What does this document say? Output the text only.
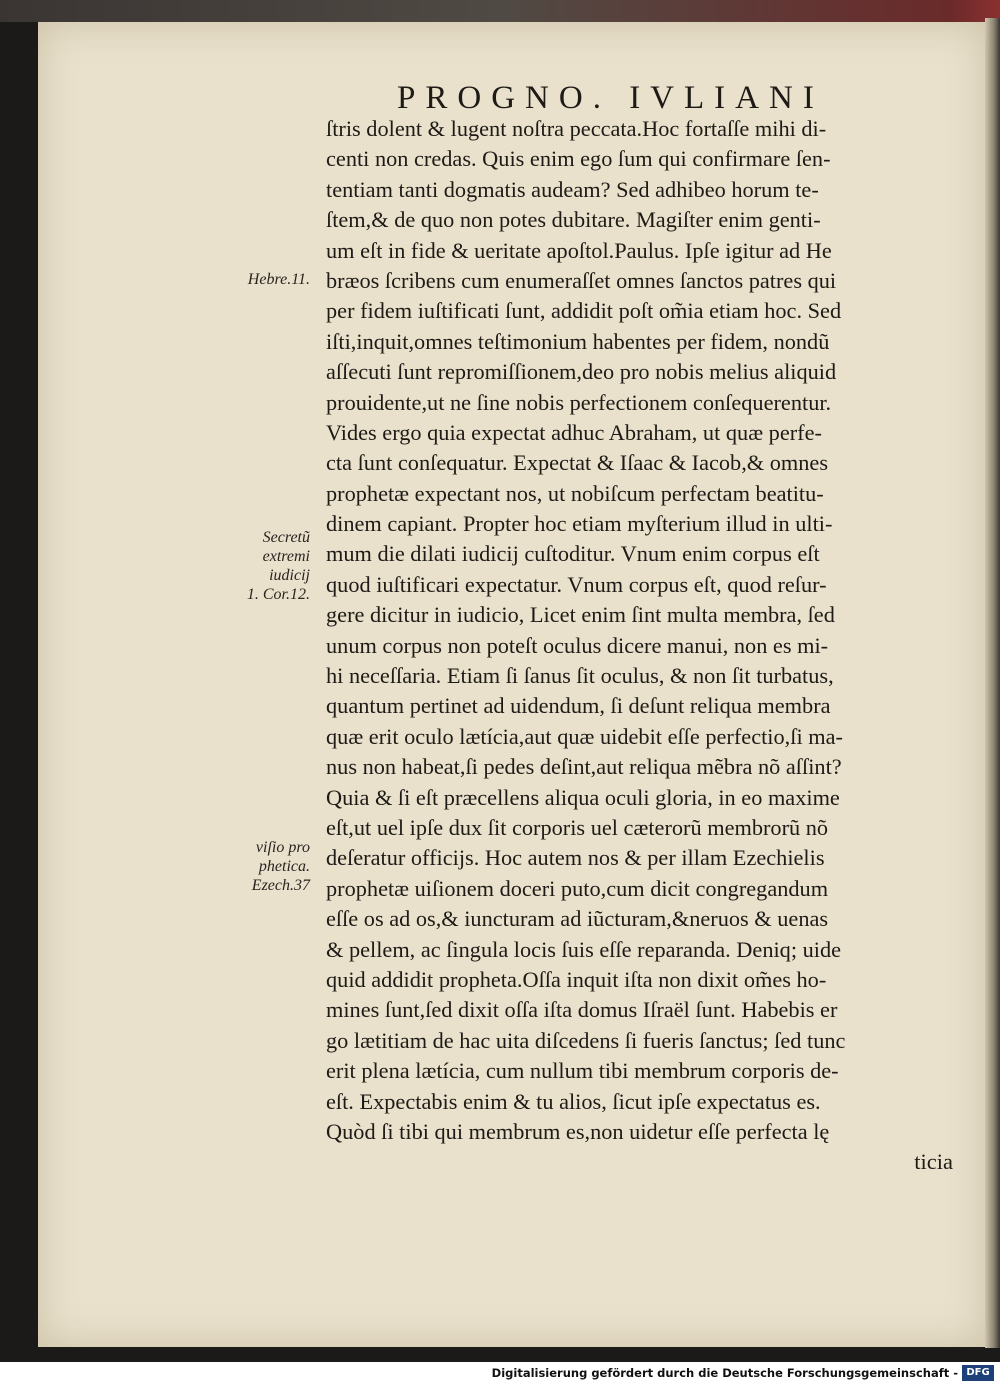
PROGNO. IVLIANI
ſtris dolent & lugent noſtra peccata.Hoc fortaſſe mihi di-
centi non credas. Quis enim ego ſum qui confirmare ſen-
tentiam tanti dogmatis audeam? Sed adhibeo horum te-
ſtem,& de quo non potes dubitare. Magiſter enim genti-
um eſt in fide & ueritate apoſtol.Paulus. Ipſe igitur ad He
bræos ſcribens cum enumeraſſet omnes ſanctos patres qui
per fidem iuſtificati ſunt, addidit poſt om̃ia etiam hoc. Sed
iſti,inquit,omnes teſtimonium habentes per fidem, nondũ
aſſecuti ſunt repromiſſionem,deo pro nobis melius aliquid
prouidente,ut ne ſine nobis perfectionem conſequerentur.
Vides ergo quia expectat adhuc Abraham, ut quæ perfe-
cta ſunt conſequatur. Expectat & Iſaac & Iacob,& omnes
prophetæ expectant nos, ut nobiſcum perfectam beatitu-
dinem capiant. Propter hoc etiam myſterium illud in ulti-
mum die dilati iudicij cuſtoditur. Vnum enim corpus eſt
quod iuſtificari expectatur. Vnum corpus eſt, quod reſur-
gere dicitur in iudicio, Licet enim ſint multa membra, ſed
unum corpus non poteſt oculus dicere manui, non es mi-
hi neceſſaria. Etiam ſi ſanus ſit oculus, & non ſit turbatus,
quantum pertinet ad uidendum, ſi deſunt reliqua membra
quæ erit oculo lætícia,aut quæ uidebit eſſe perfectio,ſi ma-
nus non habeat,ſi pedes deſint,aut reliqua mẽbra nõ aſſint?
Quia & ſi eſt præcellens aliqua oculi gloria, in eo maxime
eſt,ut uel ipſe dux ſit corporis uel cæterorũ membrorũ nõ
deſeratur officijs. Hoc autem nos & per illam Ezechielis
prophetæ uiſionem doceri puto,cum dicit congregandum
eſſe os ad os,& iuncturam ad iũcturam,&neruos & uenas
& pellem, ac ſingula locis ſuis eſſe reparanda. Deniq; uide
quid addidit propheta.Oſſa inquit iſta non dixit om̃es ho-
mines ſunt,ſed dixit oſſa iſta domus Iſraël ſunt. Habebis er
go lætitiam de hac uita diſcedens ſi fueris ſanctus; ſed tunc
erit plena lætícia, cum nullum tibi membrum corporis de-
eſt. Expectabis enim & tu alios, ſicut ipſe expectatus es.
Quòd ſi tibi qui membrum es,non uidetur eſſe perfecta lę
ticia
Hebre.11.
Secretũ
extremi
iudicij
1. Cor.12.
viſio pro
phetica.
Ezech.37
Digitalisierung gefördert durch die Deutsche Forschungsgemeinschaft - DFG
